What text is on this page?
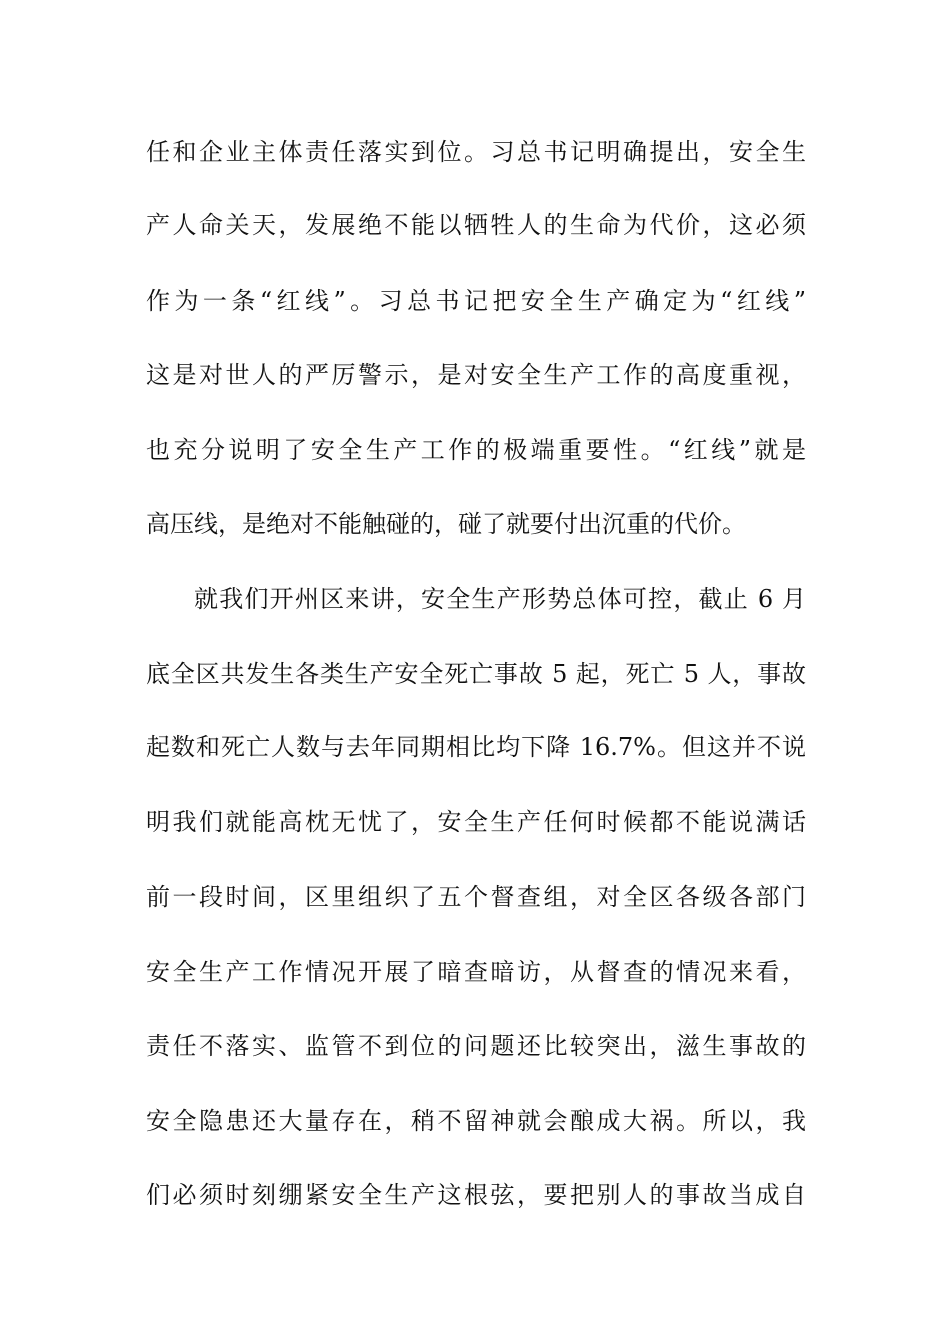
任和企业主体责任落实到位。习总书记明确提出，安全生
产人命关天，发展绝不能以牺牲人的生命为代价，这必须
作为一条“红线”。习总书记把安全生产确定为“红线”
这是对世人的严厉警示，是对安全生产工作的高度重视，
也充分说明了安全生产工作的极端重要性。“红线”就是
高压线，是绝对不能触碰的，碰了就要付出沉重的代价。
就我们开州区来讲，安全生产形势总体可控，截止 6 月
底全区共发生各类生产安全死亡事故 5 起，死亡 5 人，事故
起数和死亡人数与去年同期相比均下降 16.7%。但这并不说
明我们就能高枕无忧了，安全生产任何时候都不能说满话
前一段时间，区里组织了五个督查组，对全区各级各部门
安全生产工作情况开展了暗查暗访，从督查的情况来看，
责任不落实、监管不到位的问题还比较突出，滋生事故的
安全隐患还大量存在，稍不留神就会酿成大祸。所以，我
们必须时刻绷紧安全生产这根弦，要把别人的事故当成自
